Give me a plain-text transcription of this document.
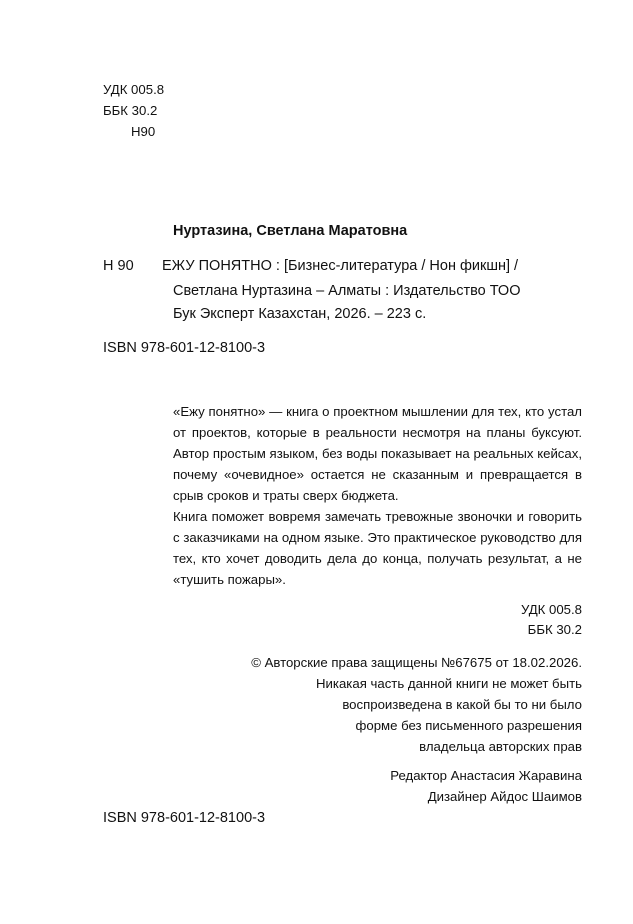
УДК 005.8
ББК 30.2
Н90
Нуртазина, Светлана Маратовна
Н 90 ЕЖУ ПОНЯТНО : [Бизнес-литература / Нон фикшн] /
Светлана Нуртазина – Алматы : Издательство ТОО
Бук Эксперт Казахстан, 2026. – 223 с.
ISBN 978-601-12-8100-3

«Ежу понятно» — книга о проектном мышлении для тех, кто устал от проектов, которые в реальности несмотря на планы буксуют. Автор простым языком, без воды показывает на реальных кейсах, почему «очевидное» остается не сказанным и превращается в срыв сроков и траты сверх бюджета.

Книга поможет вовремя замечать тревожные звоночки и говорить с заказчиками на одном языке. Это практическое руководство для тех, кто хочет доводить дела до конца, получать результат, а не «тушить пожары».

УДК 005.8
ББК 30.2
© Авторские права защищены №67675 от 18.02.2026.
Никакая часть данной книги не может быть
воспроизведена в какой бы то ни было
форме без письменного разрешения
владельца авторских прав
Редактор Анастасия Жаравина
Дизайнер Айдос Шаимов
ISBN 978-601-12-8100-3
